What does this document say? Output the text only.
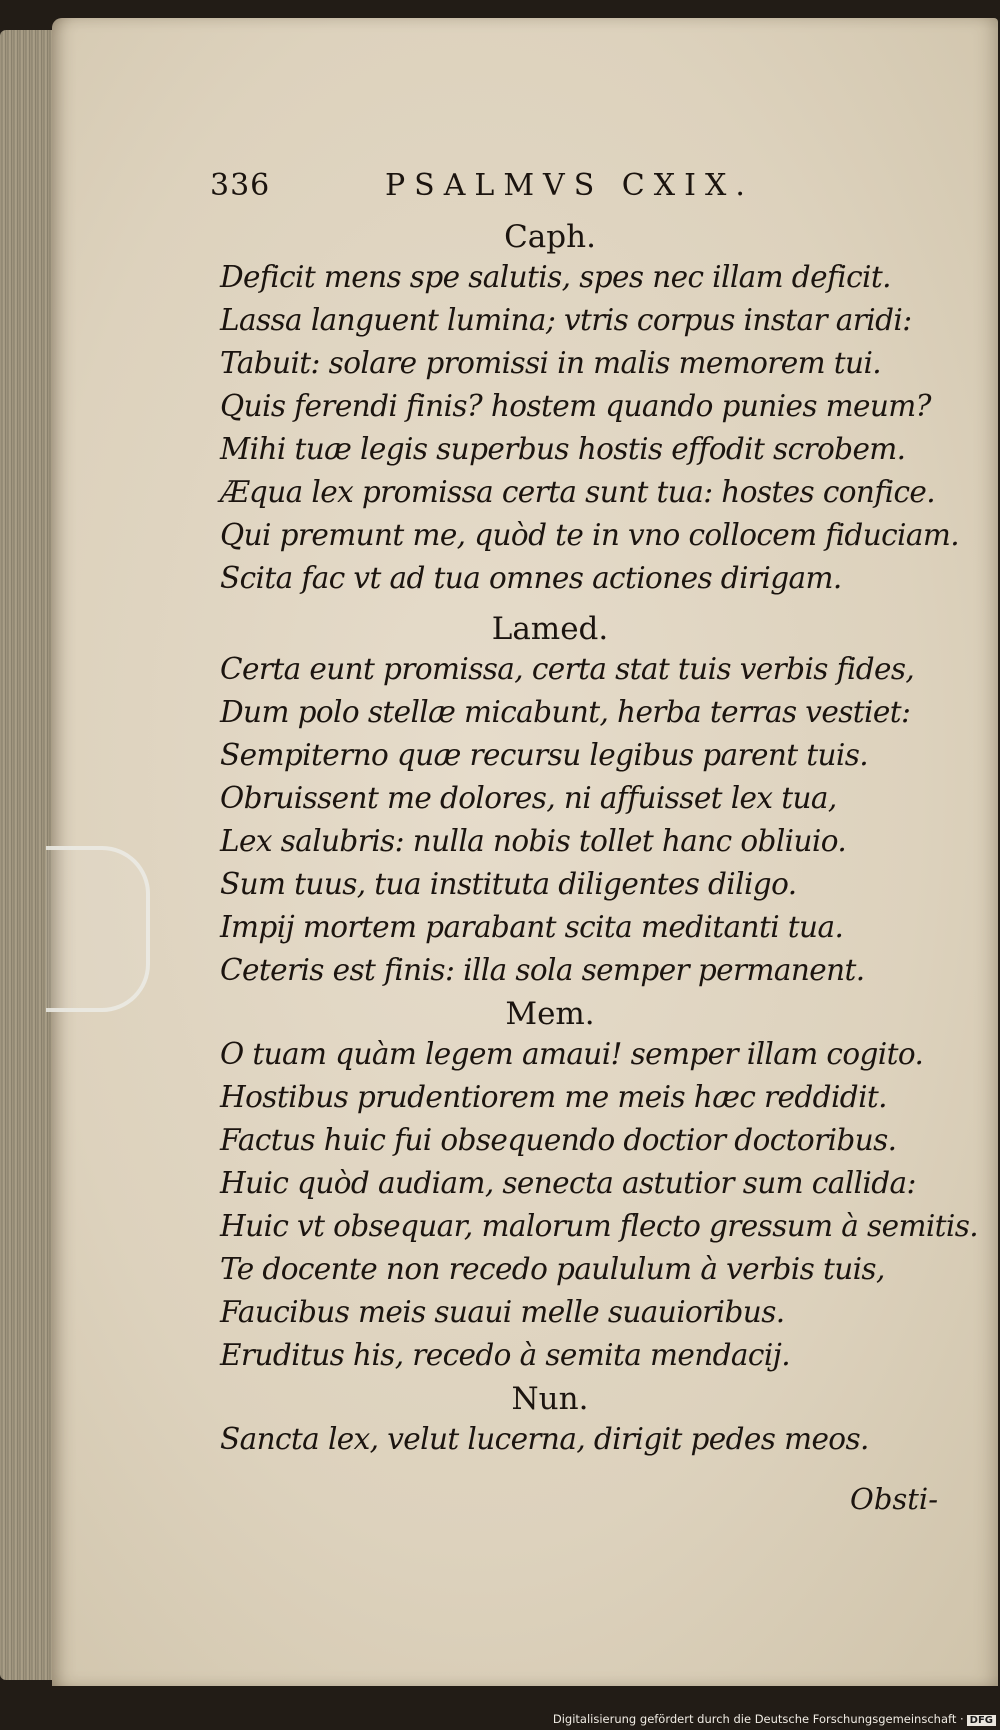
336	PSALMVS CXIX.
Caph.
Deficit mens spe salutis, spes nec illam deficit.
Lassa languent lumina; vtris corpus instar aridi:
Tabuit: solare promissi in malis memorem tui.
Quis ferendi finis? hostem quando punies meum?
Mihi tuæ legis superbus hostis effodit scrobem.
Æqua lex promissa certa sunt tua: hostes confice.
Qui premunt me, quòd te in vno collocem fiduciam.
Scita fac vt ad tua omnes actiones dirigam.
Lamed.
Certa eunt promissa, certa stat tuis verbis fides,
Dum polo stellæ micabunt, herba terras vestiet:
Sempiterno quæ recursu legibus parent tuis.
Obruissent me dolores, ni affuisset lex tua,
Lex salubris: nulla nobis tollet hanc obliuio.
Sum tuus, tua instituta diligentes diligo.
Impij mortem parabant scita meditanti tua.
Ceteris est finis: illa sola semper permanent.
Mem.
O tuam quàm legem amaui! semper illam cogito.
Hostibus prudentiorem me meis hæc reddidit.
Factus huic fui obsequendo doctior doctoribus.
Huic quòd audiam, senecta astutior sum callida:
Huic vt obsequar, malorum flecto gressum à semitis.
Te docente non recedo paululum à verbis tuis,
Faucibus meis suaui melle suauioribus.
Eruditus his, recedo à semita mendacij.
Nun.
Sancta lex, velut lucerna, dirigit pedes meos.
Obsti-
Digitalisierung gefördert durch die Deutsche Forschungsgemeinschaft · DFG
